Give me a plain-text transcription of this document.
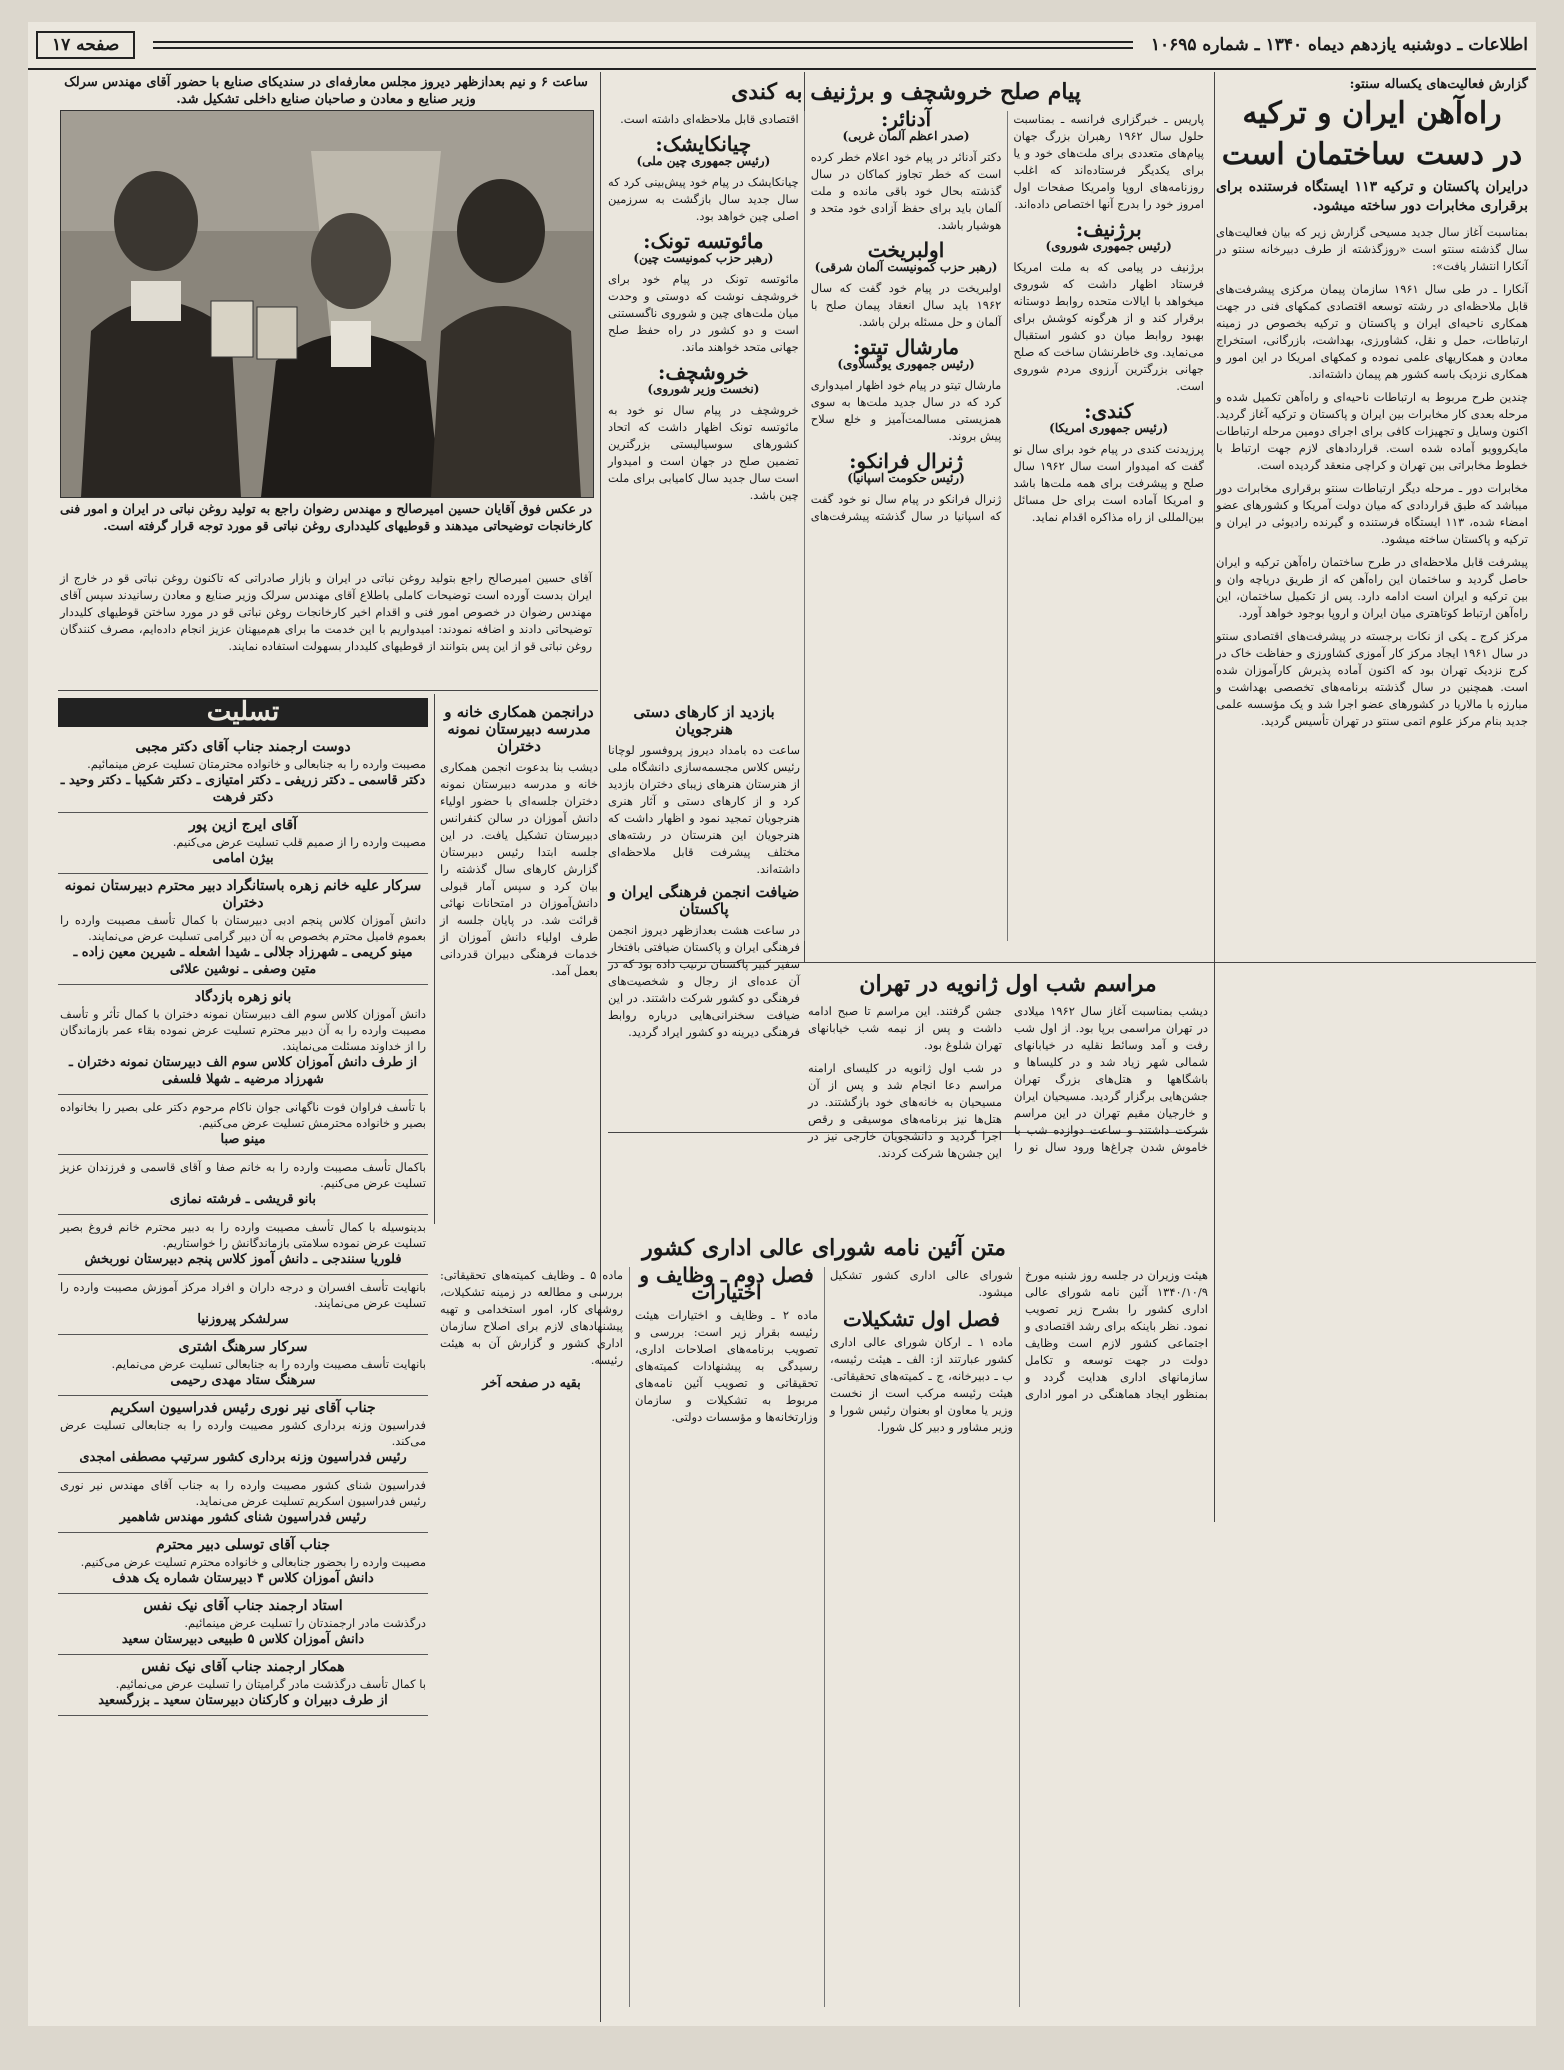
اطلاعات ـ دوشنبه یازدهم دیماه ۱۳۴۰ ـ شماره ۱۰۶۹۵
صفحه ۱۷
گزارش فعالیت‌های یکساله سنتو:
راه‌آهن ایران و ترکیه
در دست ساختمان است
درایران پاکستان و ترکیه ۱۱۳ ایستگاه فرستنده برای برقراری مخابرات دور ساخته میشود.

بمناسبت آغاز سال جدید مسیحی گزارش زیر که بیان فعالیت‌های سال گذشته سنتو است «روزگذشته از طرف دبیرخانه سنتو در آنکارا انتشار یافت»:

آنکارا ـ در طی سال ۱۹۶۱ سازمان پیمان مرکزی پیشرفت‌های قابل ملاحظه‌ای در رشته توسعه اقتصادی کمکهای فنی در جهت همکاری ناحیه‌ای ایران و پاکستان و ترکیه بخصوص در زمینه ارتباطات، حمل و نقل، کشاورزی، بهداشت، بازرگانی، استخراج معادن و همکاریهای علمی نموده و کمکهای امریکا در این امور و همکاری نزدیک باسه کشور هم پیمان داشته‌اند.

چندین طرح مربوط به ارتباطات ناحیه‌ای و راه‌آهن تکمیل شده و مرحله بعدی کار مخابرات بین ایران و پاکستان و ترکیه آغاز گردید. اکنون وسایل و تجهیزات کافی برای اجرای دومین مرحله ارتباطات مایکروویو آماده شده است. قراردادهای لازم جهت ارتباط با خطوط مخابراتی بین تهران و کراچی منعقد گردیده است.

مخابرات دور ـ مرحله دیگر ارتباطات سنتو برقراری مخابرات دور میباشد که طبق قراردادی که میان دولت آمریکا و کشورهای عضو امضاء شده، ۱۱۳ ایستگاه فرستنده و گیرنده رادیوئی در ایران و ترکیه و پاکستان ساخته میشود.

پیشرفت قابل ملاحظه‌ای در طرح ساختمان راه‌آهن ترکیه و ایران حاصل گردید و ساختمان این راه‌آهن که از طریق دریاچه وان و بین ترکیه و ایران است ادامه دارد. پس از تکمیل ساختمان، این راه‌آهن ارتباط کوتاهتری میان ایران و اروپا بوجود خواهد آورد.

مرکز کرج ـ یکی از نکات برجسته در پیشرفت‌های اقتصادی سنتو در سال ۱۹۶۱ ایجاد مرکز کار آموزی کشاورزی و حفاظت خاک در کرج نزدیک تهران بود که اکنون آماده پذیرش کارآموزان شده است. همچنین در سال گذشته برنامه‌های تخصصی بهداشت و مبارزه با مالاریا در کشورهای عضو اجرا شد و یک مؤسسه علمی جدید بنام مرکز علوم اتمی سنتو در تهران تأسیس گردید.

پیام صلح خروشچف و برژنیف به کندی

پاریس ـ خبرگزاری فرانسه ـ بمناسبت حلول سال ۱۹۶۲ رهبران بزرگ جهان پیام‌های متعددی برای ملت‌های خود و یا برای یکدیگر فرستاده‌اند که اغلب روزنامه‌های اروپا وامریکا صفحات اول امروز خود را بدرج آنها اختصاص داده‌اند.

برژنیف:
(رئیس جمهوری شوروی)

برژنیف در پیامی که به ملت امریکا فرستاد اظهار داشت که شوروی میخواهد با ایالات متحده روابط دوستانه برقرار کند و از هرگونه کوشش برای بهبود روابط میان دو کشور استقبال می‌نماید. وی خاطرنشان ساخت که صلح جهانی بزرگترین آرزوی مردم شوروی است.

کندی:
(رئیس جمهوری امریکا)

پرزیدنت کندی در پیام خود برای سال نو گفت که امیدوار است سال ۱۹۶۲ سال صلح و پیشرفت برای همه ملت‌ها باشد و امریکا آماده است برای حل مسائل بین‌المللی از راه مذاکره اقدام نماید.

آدنائر:
(صدر اعظم آلمان غربی)

دکتر آدنائر در پیام خود اعلام خطر کرده است که خطر تجاوز کماکان در سال گذشته بحال خود باقی مانده و ملت آلمان باید برای حفظ آزادی خود متحد و هوشیار باشد.

اولبریخت
(رهبر حزب کمونیست آلمان شرقی)

اولبریخت در پیام خود گفت که سال ۱۹۶۲ باید سال انعقاد پیمان صلح با آلمان و حل مسئله برلن باشد.

مارشال تیتو:
(رئیس جمهوری یوگسلاوی)

مارشال تیتو در پیام خود اظهار امیدواری کرد که در سال جدید ملت‌ها به سوی همزیستی مسالمت‌آمیز و خلع سلاح پیش بروند.

ژنرال فرانکو:
(رئیس حکومت اسپانیا)

ژنرال فرانکو در پیام سال نو خود گفت که اسپانیا در سال گذشته پیشرفت‌های اقتصادی قابل ملاحظه‌ای داشته است.

چیانکایشک:
(رئیس جمهوری چین ملی)

چیانکایشک در پیام خود پیش‌بینی کرد که سال جدید سال بازگشت به سرزمین اصلی چین خواهد بود.

مائوتسه تونک:
(رهبر حزب کمونیست چین)

مائوتسه تونک در پیام خود برای خروشچف نوشت که دوستی و وحدت میان ملت‌های چین و شوروی ناگسستنی است و دو کشور در راه حفظ صلح جهانی متحد خواهند ماند.

خروشچف:
(نخست وزیر شوروی)

خروشچف در پیام سال نو خود به مائوتسه تونک اظهار داشت که اتحاد کشورهای سوسیالیستی بزرگترین تضمین صلح در جهان است و امیدوار است سال جدید سال کامیابی برای ملت چین باشد.

ساعت ۶ و نیم بعدازظهر دیروز مجلس معارفه‌ای در سندیکای صنایع با حضور آقای مهندس سرلک وزیر صنایع و معادن و صاحبان صنایع داخلی تشکیل شد.
در عکس فوق آقایان حسین امیرصالح و مهندس رضوان راجع به تولید روغن نباتی در ایران و امور فنی کارخانجات توضیحاتی میدهند و قوطیهای کلیدداری روغن نباتی قو مورد توجه قرار گرفته است.

آقای حسین امیرصالح راجع بتولید روغن نباتی در ایران و بازار صادراتی که تاکنون روغن نباتی قو در خارج از ایران بدست آورده است توضیحات کاملی باطلاع آقای مهندس سرلک وزیر صنایع و معادن رسانیدند سپس آقای مهندس رضوان در خصوص امور فنی و اقدام اخیر کارخانجات روغن نباتی قو در مورد ساختن قوطیهای کلیددار توضیحاتی دادند و اضافه نمودند: امیدواریم با این خدمت ما برای هم‌میهنان عزیز انجام داده‌ایم، مصرف کنندگان روغن نباتی قو از این پس بتوانند از قوطیهای کلیددار بسهولت استفاده نمایند.

تسلیت
دوست ارجمند جناب آقای دکتر مجبی
مصیبت وارده را به جنابعالی و خانواده محترمتان تسلیت عرض مینمائیم.
دکتر قاسمی ـ دکتر زریفی ـ دکتر امتیازی ـ دکتر شکیبا ـ دکتر وحید ـ دکتر فرهت
آقای ایرج ازین پور
مصیبت وارده را از صمیم قلب تسلیت عرض می‌کنیم.
بیژن امامی
سرکار علیه خانم زهره باستانگراد دبیر محترم دبیرستان نمونه دختران
دانش آموزان کلاس پنجم ادبی دبیرستان با کمال تأسف مصیبت وارده را بعموم فامیل محترم بخصوص به آن دبیر گرامی تسلیت عرض می‌نمایند.
مینو کریمی ـ شهرزاد جلالی ـ شیدا اشعله ـ شیرین معین زاده ـ متین وصفی ـ نوشین علائی
بانو زهره بازدگاد
دانش آموزان کلاس سوم الف دبیرستان نمونه دختران با کمال تأثر و تأسف مصیبت وارده را به آن دبیر محترم تسلیت عرض نموده بقاء عمر بازماندگان را از خداوند مسئلت می‌نمایند.
از طرف دانش آموزان کلاس سوم الف دبیرستان نمونه دختران ـ شهرزاد مرضیه ـ شهلا فلسفی
با تأسف فراوان فوت ناگهانی جوان ناکام مرحوم دکتر علی بصیر را بخانواده بصیر و خانواده محترمش تسلیت عرض می‌کنیم.
مینو صبا
باکمال تأسف مصیبت وارده را به خانم صفا و آقای قاسمی و فرزندان عزیز تسلیت عرض می‌کنیم.
بانو قریشی ـ فرشته نمازی
بدینوسیله با کمال تأسف مصیبت وارده را به دبیر محترم خانم فروغ بصیر تسلیت عرض نموده سلامتی بازماندگانش را خواستاریم.
فلوریا سنندجی ـ دانش آموز کلاس پنجم دبیرستان نوربخش
بانهایت تأسف افسران و درجه داران و افراد مرکز آموزش مصیبت وارده را تسلیت عرض می‌نمایند.
سرلشکر پیروزنیا
سرکار سرهنگ اشتری
بانهایت تأسف مصیبت وارده را به جنابعالی تسلیت عرض می‌نمایم.
سرهنگ ستاد مهدی رحیمی
جناب آقای نیر نوری رئیس فدراسیون اسکریم
فدراسیون وزنه برداری کشور مصیبت وارده را به جنابعالی تسلیت عرض می‌کند.
رئیس فدراسیون وزنه برداری کشور سرتیپ مصطفی امجدی
فدراسیون شنای کشور مصیبت وارده را به جناب آقای مهندس نیر نوری رئیس فدراسیون اسکریم تسلیت عرض می‌نماید.
رئیس فدراسیون شنای کشور مهندس شاهمیر
جناب آقای توسلی دبیر محترم
مصیبت وارده را بحضور جنابعالی و خانواده محترم تسلیت عرض می‌کنیم.
دانش آموزان کلاس ۴ دبیرستان شماره یک هدف
استاد ارجمند جناب آقای نیک نفس
درگذشت مادر ارجمندتان را تسلیت عرض مینمائیم.
دانش آموزان کلاس ۵ طبیعی دبیرستان سعید
همکار ارجمند جناب آقای نیک نفس
با کمال تأسف درگذشت مادر گرامیتان را تسلیت عرض می‌نمائیم.
از طرف دبیران و کارکنان دبیرستان سعید ـ بزرگسعید
درانجمن همکاری خانه و مدرسه دبیرستان نمونه دختران

دیشب بنا بدعوت انجمن همکاری خانه و مدرسه دبیرستان نمونه دختران جلسه‌ای با حضور اولیاء دانش آموزان در سالن کنفرانس دبیرستان تشکیل یافت. در این جلسه ابتدا رئیس دبیرستان گزارش کارهای سال گذشته را بیان کرد و سپس آمار قبولی دانش‌آموزان در امتحانات نهائی قرائت شد. در پایان جلسه از طرف اولیاء دانش آموزان از خدمات فرهنگی دبیران قدردانی بعمل آمد.

بازدید از کارهای دستی هنرجویان

ساعت ده بامداد دیروز پروفسور لوچانا رئیس کلاس مجسمه‌سازی دانشگاه ملی از هنرستان هنرهای زیبای دختران بازدید کرد و از کارهای دستی و آثار هنری هنرجویان تمجید نمود و اظهار داشت که هنرجویان این هنرستان در رشته‌های مختلف پیشرفت قابل ملاحظه‌ای داشته‌اند.

ضیافت انجمن فرهنگی ایران و پاکستان

در ساعت هشت بعدازظهر دیروز انجمن فرهنگی ایران و پاکستان ضیافتی بافتخار سفیر کبیر پاکستان ترتیب داده بود که در آن عده‌ای از رجال و شخصیت‌های فرهنگی دو کشور شرکت داشتند. در این ضیافت سخنرانی‌هایی درباره روابط فرهنگی دیرینه دو کشور ایراد گردید.

مراسم شب اول ژانویه در تهران

دیشب بمناسبت آغاز سال ۱۹۶۲ میلادی در تهران مراسمی برپا بود. از اول شب رفت و آمد وسائط نقلیه در خیابانهای شمالی شهر زیاد شد و در کلیساها و باشگاهها و هتل‌های بزرگ تهران جشن‌هایی برگزار گردید. مسیحیان ایران و خارجیان مقیم تهران در این مراسم شرکت داشتند و ساعت دوازده شب با خاموش شدن چراغ‌ها ورود سال نو را جشن گرفتند. این مراسم تا صبح ادامه داشت و پس از نیمه شب خیابانهای تهران شلوغ بود.

در شب اول ژانویه در کلیسای ارامنه مراسم دعا انجام شد و پس از آن مسیحیان به خانه‌های خود بازگشتند. در هتل‌ها نیز برنامه‌های موسیقی و رقص اجرا گردید و دانشجویان خارجی نیز در این جشن‌ها شرکت کردند.

متن آئین نامه شورای عالی اداری کشور

هیئت وزیران در جلسه روز شنبه مورخ ۱۳۴۰/۱۰/۹ آئین نامه شورای عالی اداری کشور را بشرح زیر تصویب نمود. نظر باینکه برای رشد اقتصادی و اجتماعی کشور لازم است وظایف دولت در جهت توسعه و تکامل سازمانهای اداری هدایت گردد و بمنظور ایجاد هماهنگی در امور اداری شورای عالی اداری کشور تشکیل میشود.

فصل اول تشکیلات

ماده ۱ ـ ارکان شورای عالی اداری کشور عبارتند از: الف ـ هیئت رئیسه، ب ـ دبیرخانه، ج ـ کمیته‌های تحقیقاتی. هیئت رئیسه مرکب است از نخست وزیر یا معاون او بعنوان رئیس شورا و وزیر مشاور و دبیر کل شورا.

فصل دوم ـ وظایف و اختیارات

ماده ۲ ـ وظایف و اختیارات هیئت رئیسه بقرار زیر است: بررسی و تصویب برنامه‌های اصلاحات اداری، رسیدگی به پیشنهادات کمیته‌های تحقیقاتی و تصویب آئین نامه‌های مربوط به تشکیلات و سازمان وزارتخانه‌ها و مؤسسات دولتی.

ماده ۵ ـ وظایف کمیته‌های تحقیقاتی: بررسی و مطالعه در زمینه تشکیلات، روشهای کار، امور استخدامی و تهیه پیشنهادهای لازم برای اصلاح سازمان اداری کشور و گزارش آن به هیئت رئیسه.

بقیه در صفحه آخر
